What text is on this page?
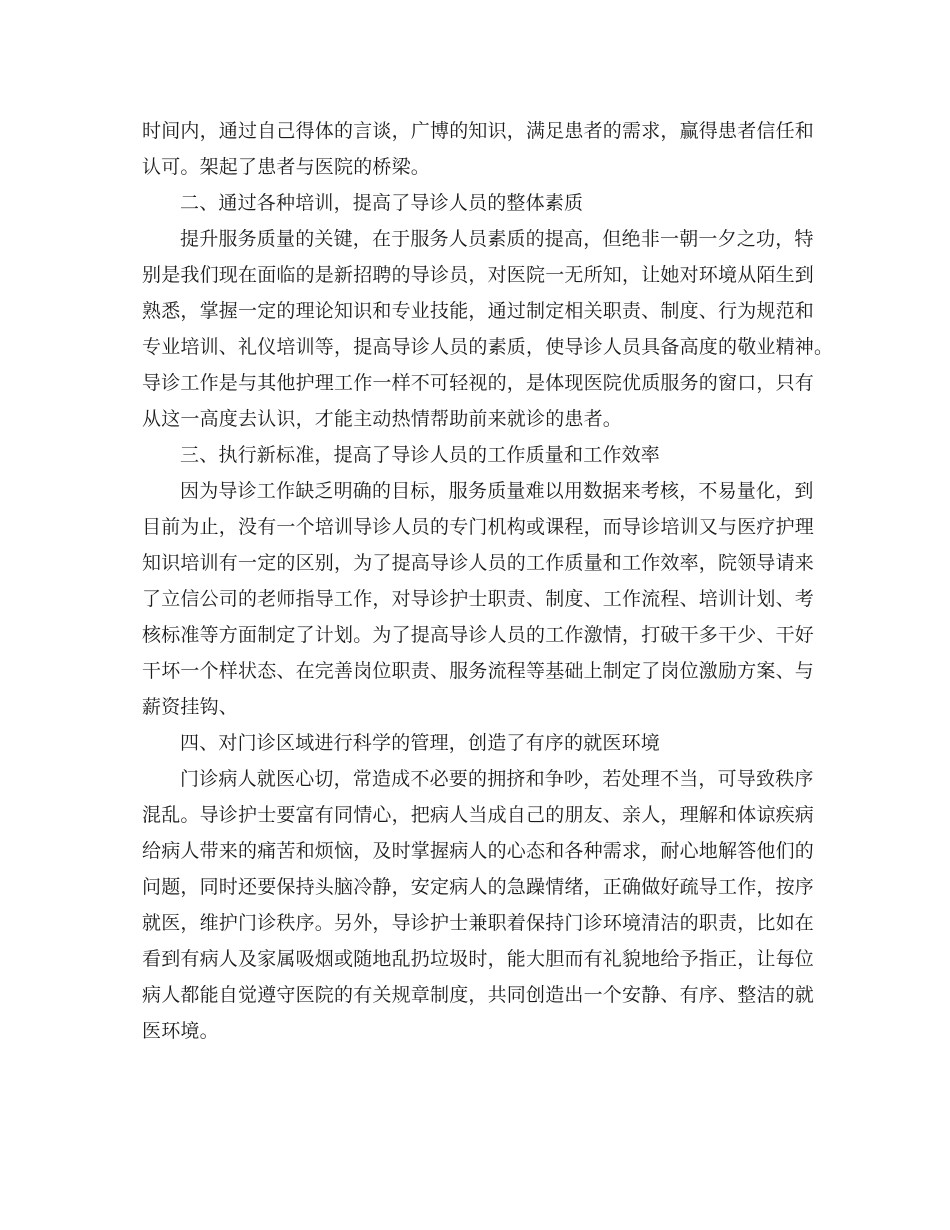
时间内，通过自己得体的言谈，广博的知识，满足患者的需求，赢得患者信任和
认可。架起了患者与医院的桥梁。
二、通过各种培训，提高了导诊人员的整体素质
提升服务质量的关键，在于服务人员素质的提高，但绝非一朝一夕之功，特
别是我们现在面临的是新招聘的导诊员，对医院一无所知，让她对环境从陌生到
熟悉，掌握一定的理论知识和专业技能，通过制定相关职责、制度、行为规范和
专业培训、礼仪培训等，提高导诊人员的素质，使导诊人员具备高度的敬业精神。
导诊工作是与其他护理工作一样不可轻视的，是体现医院优质服务的窗口，只有
从这一高度去认识，才能主动热情帮助前来就诊的患者。
三、执行新标准，提高了导诊人员的工作质量和工作效率
因为导诊工作缺乏明确的目标，服务质量难以用数据来考核，不易量化，到
目前为止，没有一个培训导诊人员的专门机构或课程，而导诊培训又与医疗护理
知识培训有一定的区别，为了提高导诊人员的工作质量和工作效率，院领导请来
了立信公司的老师指导工作，对导诊护士职责、制度、工作流程、培训计划、考
核标准等方面制定了计划。为了提高导诊人员的工作激情，打破干多干少、干好
干坏一个样状态、在完善岗位职责、服务流程等基础上制定了岗位激励方案、与
薪资挂钩、
四、对门诊区域进行科学的管理，创造了有序的就医环境
门诊病人就医心切，常造成不必要的拥挤和争吵，若处理不当，可导致秩序
混乱。导诊护士要富有同情心，把病人当成自己的朋友、亲人，理解和体谅疾病
给病人带来的痛苦和烦恼，及时掌握病人的心态和各种需求，耐心地解答他们的
问题，同时还要保持头脑冷静，安定病人的急躁情绪，正确做好疏导工作，按序
就医，维护门诊秩序。另外，导诊护士兼职着保持门诊环境清洁的职责，比如在
看到有病人及家属吸烟或随地乱扔垃圾时，能大胆而有礼貌地给予指正，让每位
病人都能自觉遵守医院的有关规章制度，共同创造出一个安静、有序、整洁的就
医环境。
